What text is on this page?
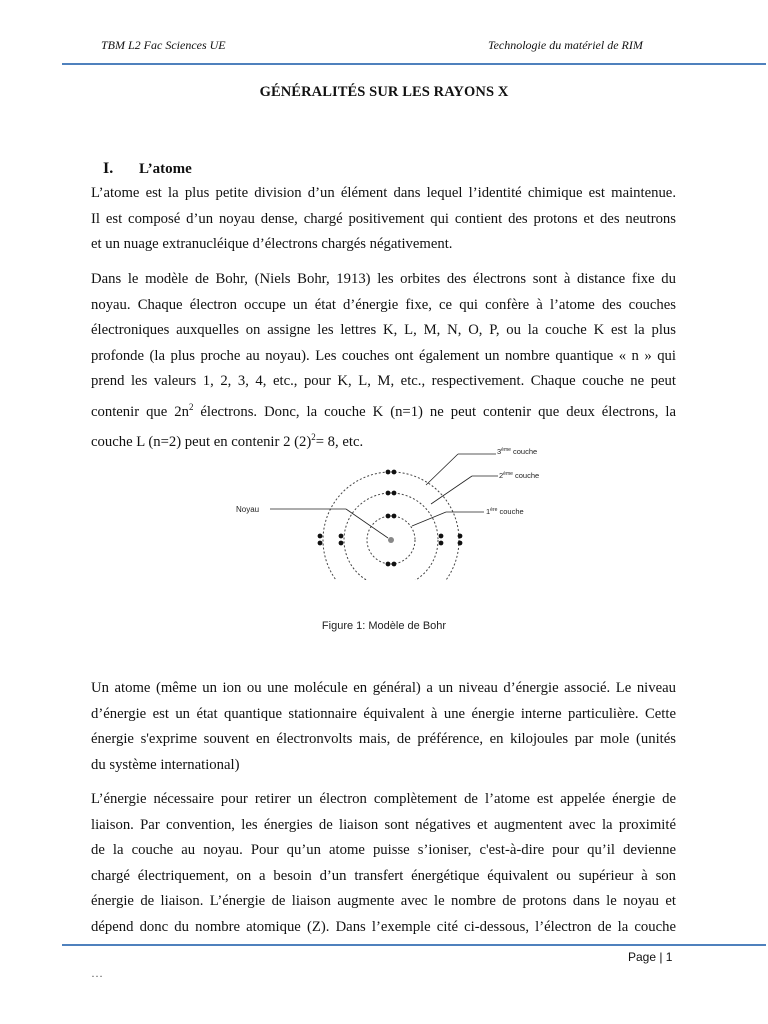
TBM L2 Fac Sciences UE	Technologie du matériel de RIM
GÉNÉRALITÉS SUR LES RAYONS X
I. L’atome

L’atome est la plus petite division d’un élément dans lequel l’identité chimique est maintenue.

Il est composé d’un noyau dense, chargé positivement qui contient des protons et des neutrons

et un nuage extranucléique d’électrons chargés négativement.

Dans le modèle de Bohr, (Niels Bohr, 1913) les orbites des électrons sont à distance fixe du

noyau. Chaque électron occupe un état d’énergie fixe, ce qui confère à l’atome des couches

électroniques auxquelles on assigne les lettres K, L, M, N, O, P, ou la couche K est la plus

profonde (la plus proche au noyau). Les couches ont également un nombre quantique « n » qui

prend les valeurs 1, 2, 3, 4, etc., pour K, L, M, etc., respectivement. Chaque couche ne peut

contenir que $2n^2$ électrons. Donc, la couche K (n=1) ne peut contenir que deux électrons, la

couche L (n=2) peut en contenir 2 $(2)^2= 8$, etc.

Noyau
3ème couche
2ème couche
1ère couche
Figure 1: Modèle de Bohr

Un atome (même un ion ou une molécule en général) a un niveau d’énergie associé. Le niveau

d’énergie est un état quantique stationnaire équivalent à une énergie interne particulière. Cette

énergie s'exprime souvent en électronvolts mais, de préférence, en kilojoules par mole (unités

du système international)

L’énergie nécessaire pour retirer un électron complètement de l’atome est appelée énergie de

liaison. Par convention, les énergies de liaison sont négatives et augmentent avec la proximité

de la couche au noyau. Pour qu’un atome puisse s’ioniser, c'est-à-dire pour qu’il devienne

chargé électriquement, on a besoin d’un transfert énergétique équivalent ou supérieur à son

énergie de liaison. L’énergie de liaison augmente avec le nombre de protons dans le noyau et

dépend donc du nombre atomique (Z). Dans l’exemple cité ci-dessous, l’électron de la couche

Page | 1
…
